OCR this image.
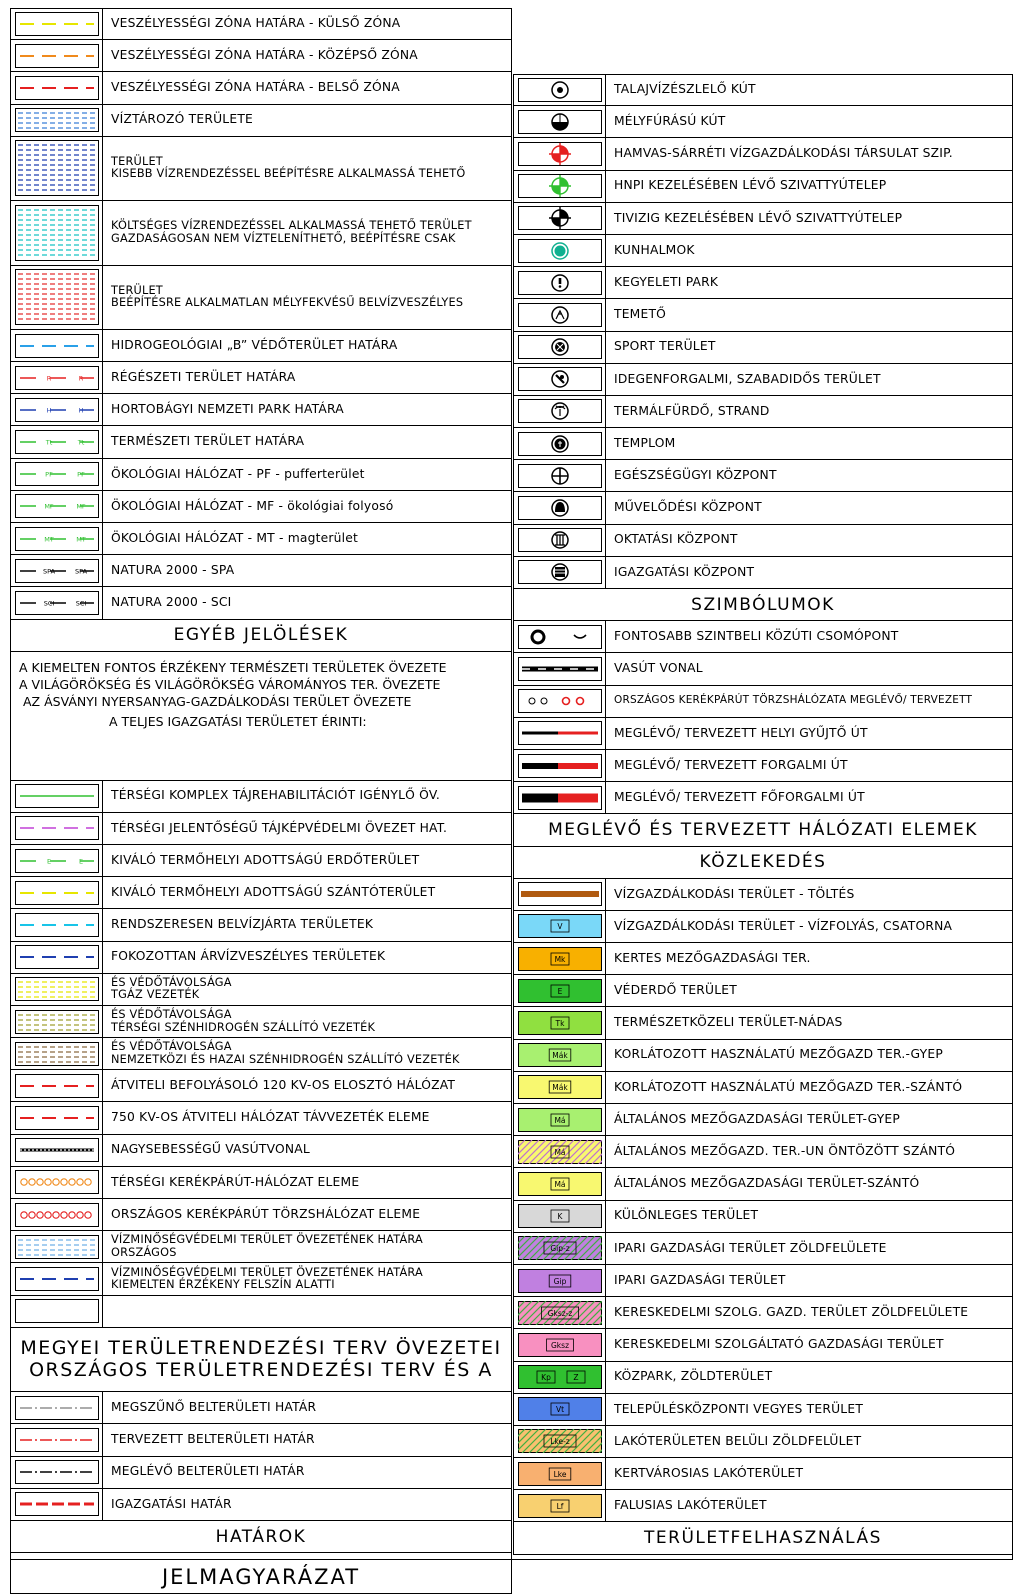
VESZÉLYESSÉGI ZÓNA HATÁRA - KÜLSŐ ZÓNA
VESZÉLYESSÉGI ZÓNA HATÁRA - KÖZÉPSŐ ZÓNA
VESZÉLYESSÉGI ZÓNA HATÁRA - BELSŐ ZÓNA
VÍZTÁROZÓ TERÜLETE
TERÜLET
KISEBB VÍZRENDEZÉSSEL BEÉPÍTÉSRE ALKALMASSÁ TEHETŐ
KÖLTSÉGES VÍZRENDEZÉSSEL ALKALMASSÁ TEHETŐ TERÜLET
GAZDASÁGOSAN NEM VÍZTELENÍTHETŐ, BEÉPÍTÉSRE CSAK
TERÜLET
BEÉPÍTÉSRE ALKALMATLAN MÉLYFEKVÉSŰ BELVÍZVESZÉLYES
HIDROGEOLÓGIAI „B” VÉDŐTERÜLET HATÁRA
R	R	RÉGÉSZETI TERÜLET HATÁRA
H	H	HORTOBÁGYI NEMZETI PARK HATÁRA
Tt	Tt	TERMÉSZETI TERÜLET HATÁRA
PF	PF	ÖKOLÓGIAI HÁLÓZAT - PF - pufferterület
MF	MF	ÖKOLÓGIAI HÁLÓZAT - MF - ökológiai folyosó
MT	MT	ÖKOLÓGIAI HÁLÓZAT - MT - magterület
SPA	SPA	NATURA 2000 - SPA
SCI	SCI	NATURA 2000 - SCI
EGYÉB JELÖLÉSEK
A KIEMELTEN FONTOS ÉRZÉKENY TERMÉSZETI TERÜLETEK ÖVEZETE
A VILÁGÖRÖKSÉG ÉS VILÁGÖRÖKSÉG VÁROMÁNYOS TER. ÖVEZETE
AZ ÁSVÁNYI NYERSANYAG-GAZDÁLKODÁSI TERÜLET ÖVEZETE
A TELJES IGAZGATÁSI TERÜLETET ÉRINTI:
TÉRSÉGI KOMPLEX TÁJREHABILITÁCIÓT IGÉNYLŐ ÖV.
TÉRSÉGI JELENTŐSÉGŰ TÁJKÉPVÉDELMI ÖVEZET HAT.
E	E	KIVÁLÓ TERMŐHELYI ADOTTSÁGÚ ERDŐTERÜLET
KIVÁLÓ TERMŐHELYI ADOTTSÁGÚ SZÁNTÓTERÜLET
RENDSZERESEN BELVÍZJÁRTA TERÜLETEK
FOKOZOTTAN ÁRVÍZVESZÉLYES TERÜLETEK
ÉS VÉDŐTÁVOLSÁGA
TGÁZ VEZETÉK
ÉS VÉDŐTÁVOLSÁGA
TÉRSÉGI SZÉNHIDROGÉN SZÁLLÍTÓ VEZETÉK
ÉS VÉDŐTÁVOLSÁGA
NEMZETKÖZI ÉS HAZAI SZÉNHIDROGÉN SZÁLLÍTÓ VEZETÉK
ÁTVITELI BEFOLYÁSOLÓ 120 KV-OS ELOSZTÓ HÁLÓZAT
750 KV-OS ÁTVITELI HÁLÓZAT TÁVVEZETÉK ELEME
NAGYSEBESSÉGŰ VASÚTVONAL
TÉRSÉGI KERÉKPÁRÚT-HÁLÓZAT ELEME
ORSZÁGOS KERÉKPÁRÚT TÖRZSHÁLÓZAT ELEME
VÍZMINŐSÉGVÉDELMI TERÜLET ÖVEZETÉNEK HATÁRA
ORSZÁGOS
VÍZMINŐSÉGVÉDELMI TERÜLET ÖVEZETÉNEK HATÁRA
KIEMELTEN ÉRZÉKENY FELSZÍN ALATTI
MEGYEI TERÜLETRENDEZÉSI TERV ÖVEZETEI
ORSZÁGOS TERÜLETRENDEZÉSI TERV ÉS A
MEGSZŰNŐ BELTERÜLETI HATÁR
TERVEZETT BELTERÜLETI HATÁR
MEGLÉVŐ BELTERÜLETI HATÁR
IGAZGATÁSI HATÁR
HATÁROK
TALAJVÍZÉSZLELŐ KÚT
MÉLYFÚRÁSÚ KÚT
HAMVAS-SÁRRÉTI VÍZGAZDÁLKODÁSI TÁRSULAT SZIP.
HNPI KEZELÉSÉBEN LÉVŐ SZIVATTYÚTELEP
TIVIZIG KEZELÉSÉBEN LÉVŐ SZIVATTYÚTELEP
KUNHALMOK
KEGYELETI PARK
TEMETŐ
SPORT TERÜLET
IDEGENFORGALMI, SZABADIDŐS TERÜLET
TERMÁLFÜRDŐ, STRAND
TEMPLOM
EGÉSZSÉGÜGYI KÖZPONT
MŰVELŐDÉSI KÖZPONT
OKTATÁSI KÖZPONT
IGAZGATÁSI KÖZPONT
SZIMBÓLUMOK
FONTOSABB SZINTBELI KÖZÚTI CSOMÓPONT
VASÚT VONAL
ORSZÁGOS KERÉKPÁRÚT TÖRZSHÁLÓZATA MEGLÉVŐ/ TERVEZETT
MEGLÉVŐ/ TERVEZETT HELYI GYŰJTŐ ÚT
MEGLÉVŐ/ TERVEZETT FORGALMI ÚT
MEGLÉVŐ/ TERVEZETT FŐFORGALMI ÚT
MEGLÉVŐ ÉS TERVEZETT HÁLÓZATI ELEMEK
KÖZLEKEDÉS
VÍZGAZDÁLKODÁSI TERÜLET - TÖLTÉS
V	VÍZGAZDÁLKODÁSI TERÜLET - VÍZFOLYÁS, CSATORNA
Mk	KERTES MEZŐGAZDASÁGI TER.
E	VÉDERDŐ TERÜLET
Tk	TERMÉSZETKÖZELI TERÜLET-NÁDAS
Mák	KORLÁTOZOTT HASZNÁLATÚ MEZŐGAZD TER.-GYEP
Mák	KORLÁTOZOTT HASZNÁLATÚ MEZŐGAZD TER.-SZÁNTÓ
Má	ÁLTALÁNOS MEZŐGAZDASÁGI TERÜLET-GYEP
Má	ÁLTALÁNOS MEZŐGAZD. TER.-UN ÖNTÖZÖTT SZÁNTÓ
Má	ÁLTALÁNOS MEZŐGAZDASÁGI TERÜLET-SZÁNTÓ
K	KÜLÖNLEGES TERÜLET
Gip-z	IPARI GAZDASÁGI TERÜLET ZÖLDFELÜLETE
Gip	IPARI GAZDASÁGI TERÜLET
Gksz-z	KERESKEDELMI SZOLG. GAZD. TERÜLET ZÖLDFELÜLETE
Gksz	KERESKEDELMI SZOLGÁLTATÓ GAZDASÁGI TERÜLET
Kp	Z	KÖZPARK, ZÖLDTERÜLET
Vt	TELEPÜLÉSKÖZPONTI VEGYES TERÜLET
Lke-z	LAKÓTERÜLETEN BELÜLI ZÖLDFELÜLET
Lke	KERTVÁROSIAS LAKÓTERÜLET
Lf	FALUSIAS LAKÓTERÜLET
TERÜLETFELHASZNÁLÁS
JELMAGYARÁZAT
